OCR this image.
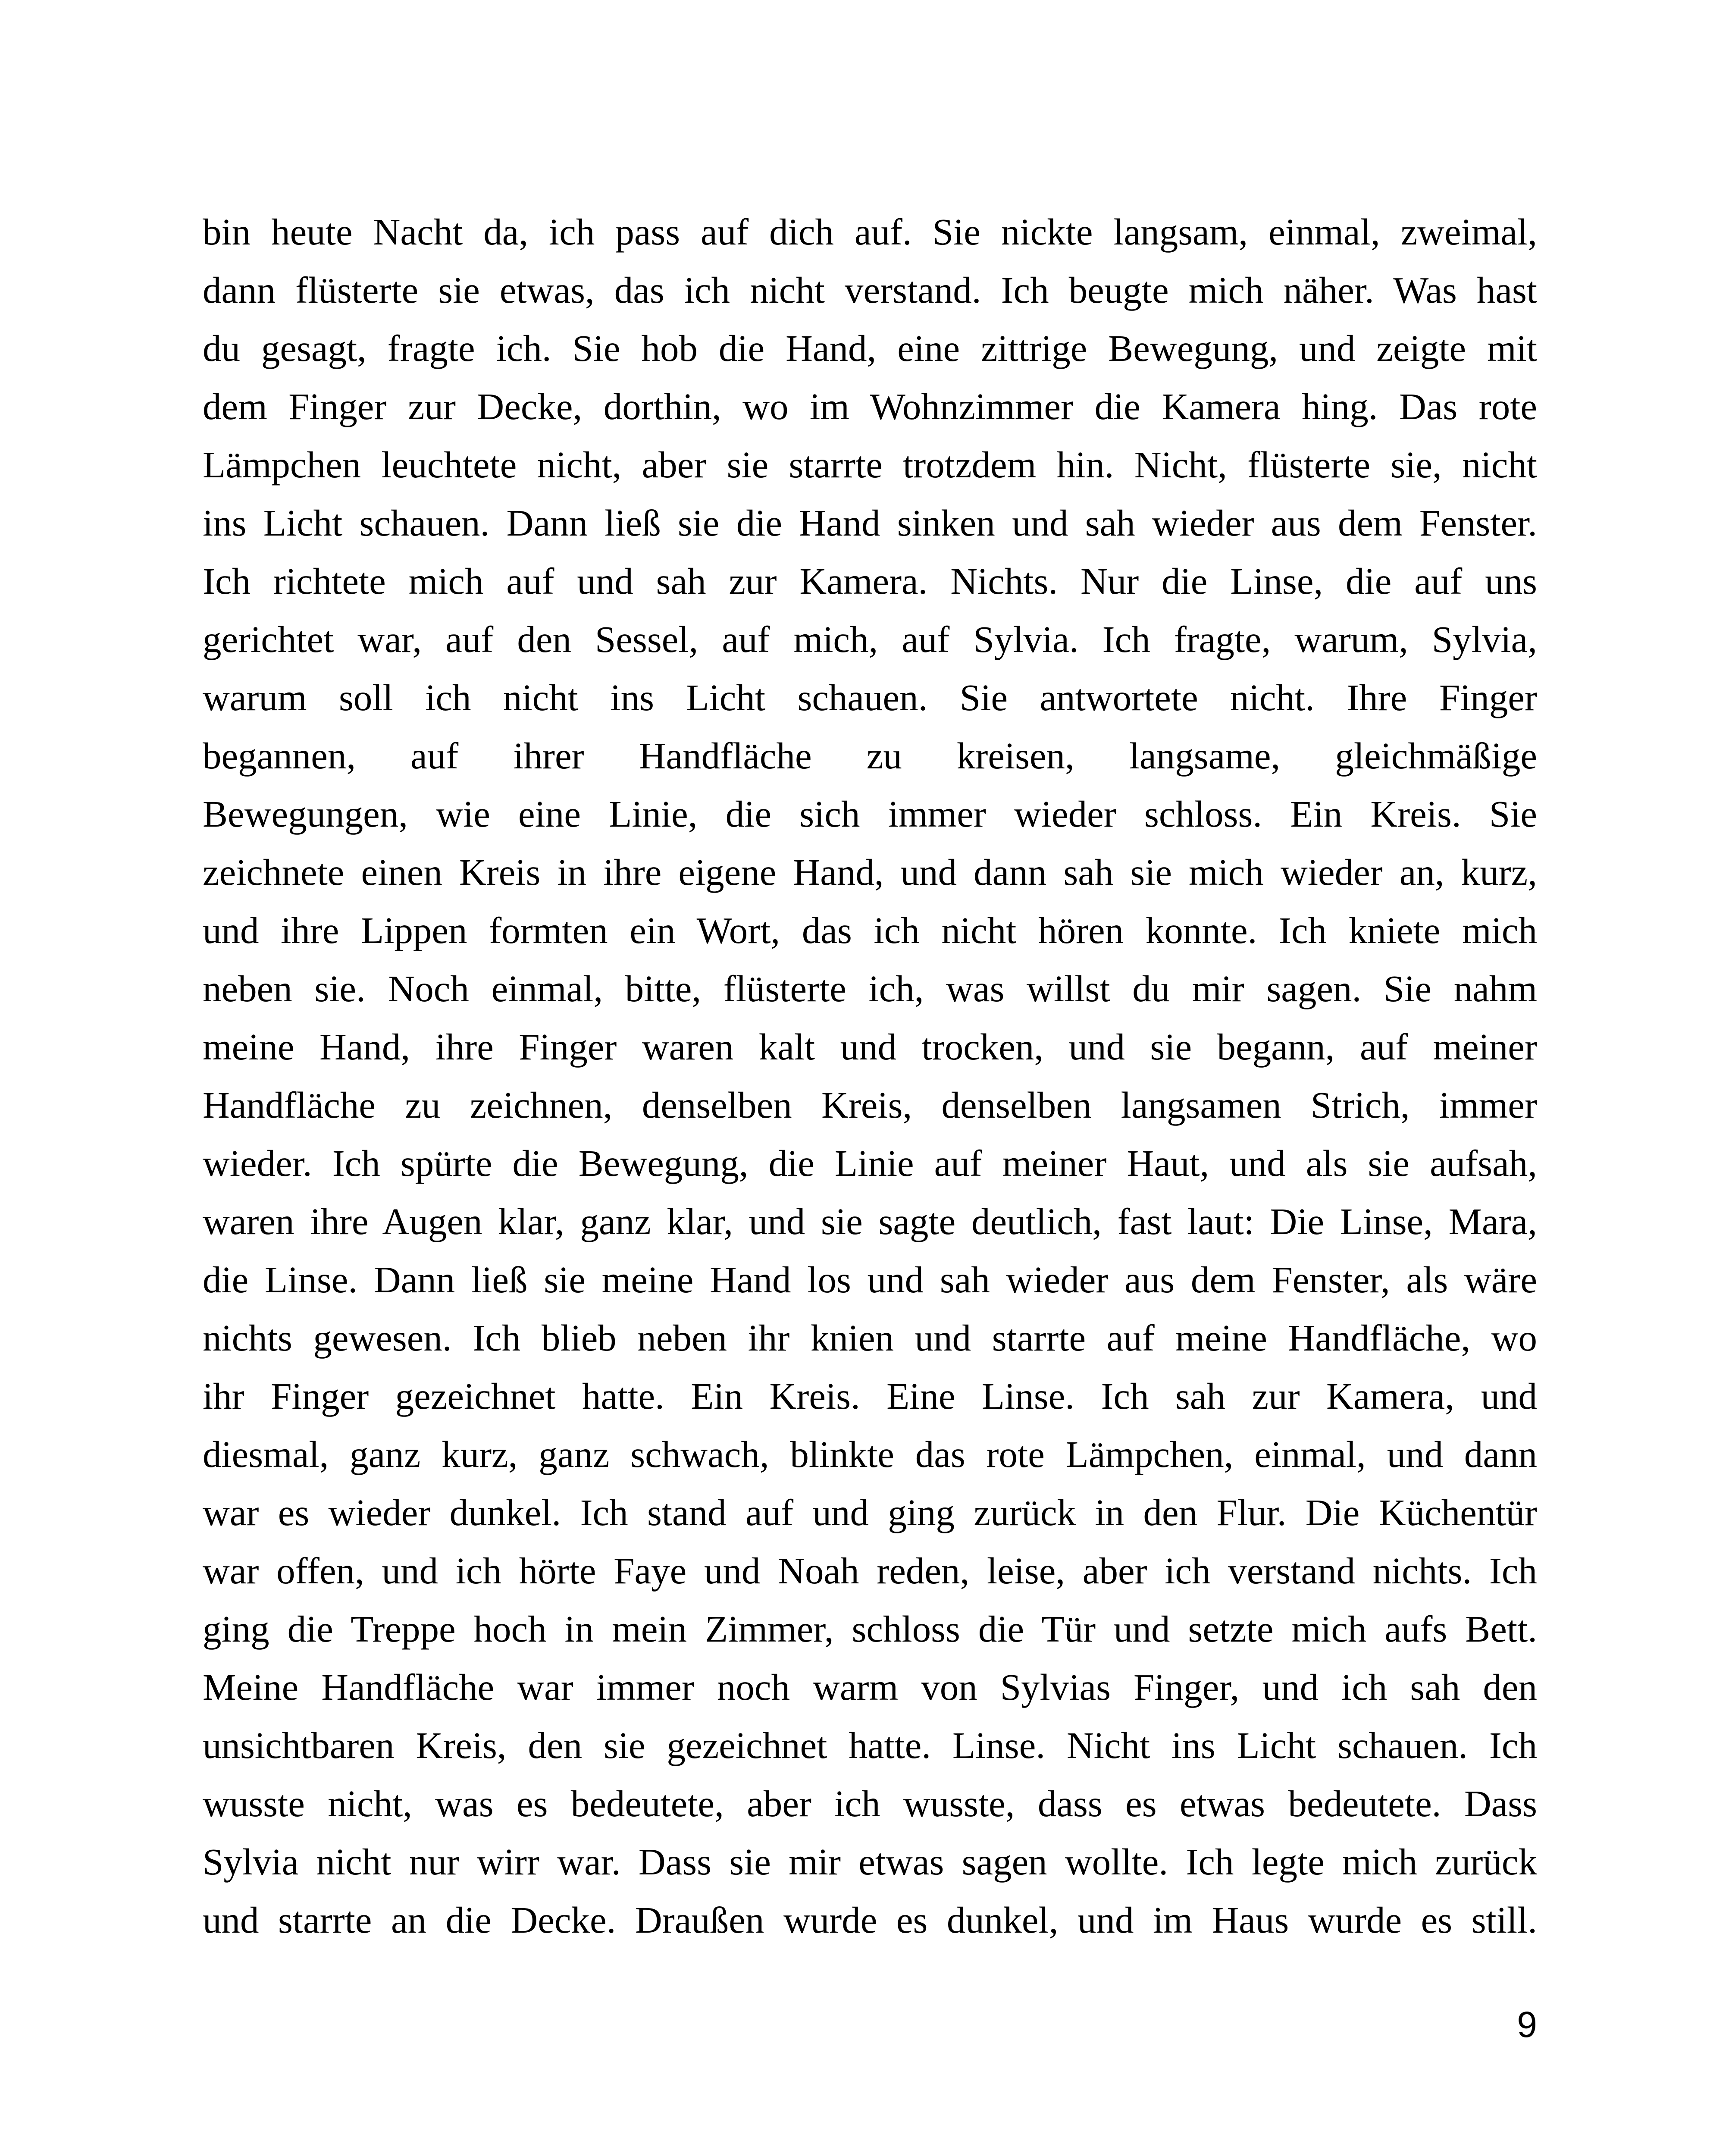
bin heute Nacht da, ich pass auf dich auf. Sie nickte langsam, einmal, zweimal,
dann flüsterte sie etwas, das ich nicht verstand. Ich beugte mich näher. Was hast
du gesagt, fragte ich. Sie hob die Hand, eine zittrige Bewegung, und zeigte mit
dem Finger zur Decke, dorthin, wo im Wohnzimmer die Kamera hing. Das rote
Lämpchen leuchtete nicht, aber sie starrte trotzdem hin. Nicht, flüsterte sie, nicht
ins Licht schauen. Dann ließ sie die Hand sinken und sah wieder aus dem Fenster.
Ich richtete mich auf und sah zur Kamera. Nichts. Nur die Linse, die auf uns
gerichtet war, auf den Sessel, auf mich, auf Sylvia. Ich fragte, warum, Sylvia,
warum soll ich nicht ins Licht schauen. Sie antwortete nicht. Ihre Finger
begannen, auf ihrer Handfläche zu kreisen, langsame, gleichmäßige
Bewegungen, wie eine Linie, die sich immer wieder schloss. Ein Kreis. Sie
zeichnete einen Kreis in ihre eigene Hand, und dann sah sie mich wieder an, kurz,
und ihre Lippen formten ein Wort, das ich nicht hören konnte. Ich kniete mich
neben sie. Noch einmal, bitte, flüsterte ich, was willst du mir sagen. Sie nahm
meine Hand, ihre Finger waren kalt und trocken, und sie begann, auf meiner
Handfläche zu zeichnen, denselben Kreis, denselben langsamen Strich, immer
wieder. Ich spürte die Bewegung, die Linie auf meiner Haut, und als sie aufsah,
waren ihre Augen klar, ganz klar, und sie sagte deutlich, fast laut: Die Linse, Mara,
die Linse. Dann ließ sie meine Hand los und sah wieder aus dem Fenster, als wäre
nichts gewesen. Ich blieb neben ihr knien und starrte auf meine Handfläche, wo
ihr Finger gezeichnet hatte. Ein Kreis. Eine Linse. Ich sah zur Kamera, und
diesmal, ganz kurz, ganz schwach, blinkte das rote Lämpchen, einmal, und dann
war es wieder dunkel. Ich stand auf und ging zurück in den Flur. Die Küchentür
war offen, und ich hörte Faye und Noah reden, leise, aber ich verstand nichts. Ich
ging die Treppe hoch in mein Zimmer, schloss die Tür und setzte mich aufs Bett.
Meine Handfläche war immer noch warm von Sylvias Finger, und ich sah den
unsichtbaren Kreis, den sie gezeichnet hatte. Linse. Nicht ins Licht schauen. Ich
wusste nicht, was es bedeutete, aber ich wusste, dass es etwas bedeutete. Dass
Sylvia nicht nur wirr war. Dass sie mir etwas sagen wollte. Ich legte mich zurück
und starrte an die Decke. Draußen wurde es dunkel, und im Haus wurde es still.
9
